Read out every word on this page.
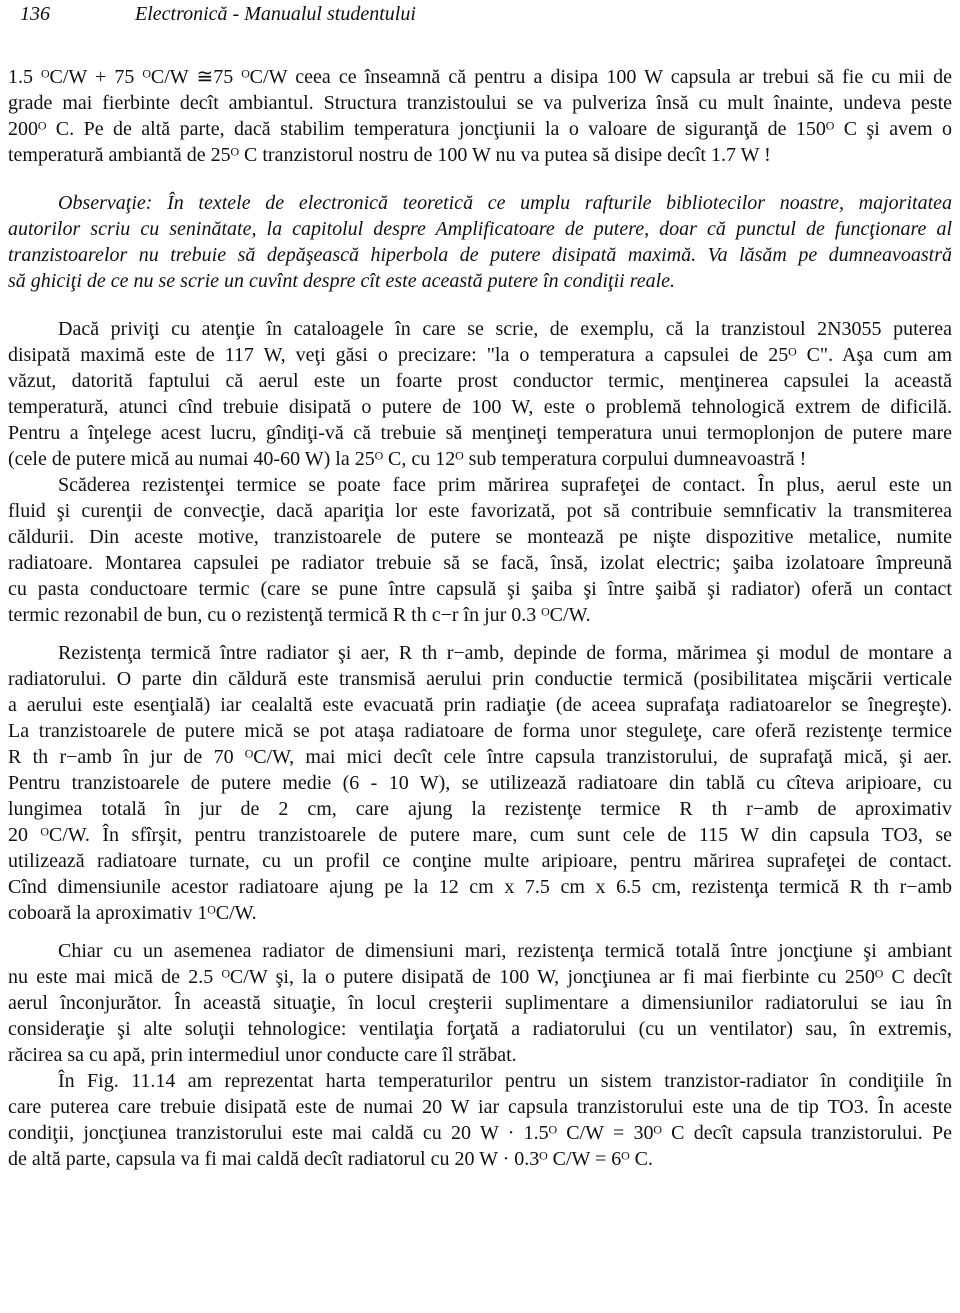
136	Electronică - Manualul studentului

1.5 ᴼC/W + 75 ᴼC/W ≅75 ᴼC/W ceea ce înseamnă că pentru a disipa 100 W capsula ar trebui să fie cu mii de
grade mai fierbinte decît ambiantul. Structura tranzistoului se va pulveriza însă cu mult înainte, undeva peste
200ᴼ C. Pe de altă parte, dacă stabilim temperatura joncţiunii la o valoare de siguranţă de 150ᴼ C şi avem o
temperatură ambiantă de 25ᴼ C tranzistorul nostru de 100 W nu va putea să disipe decît 1.7 W !

Observaţie: În textele de electronică teoretică ce umplu rafturile bibliotecilor noastre, majoritatea
autorilor scriu cu seninătate, la capitolul despre Amplificatoare de putere, doar că punctul de funcţionare al
tranzistoarelor nu trebuie să depăşească hiperbola de putere disipată maximă. Va lăsăm pe dumneavoastră
să ghiciţi de ce nu se scrie un cuvînt despre cît este această putere în condiţii reale.

Dacă priviţi cu atenţie în cataloagele în care se scrie, de exemplu, că la tranzistoul 2N3055 puterea
disipată maximă este de 117 W, veţi găsi o precizare: "la o temperatura a capsulei de 25ᴼ C". Aşa cum am
văzut, datorită faptului că aerul este un foarte prost conductor termic, menţinerea capsulei la această
temperatură, atunci cînd trebuie disipată o putere de 100 W, este o problemă tehnologică extrem de dificilă.
Pentru a înţelege acest lucru, gîndiţi-vă că trebuie să menţineţi temperatura unui termoplonjon de putere mare
(cele de putere mică au numai 40-60 W) la 25ᴼ C, cu 12ᴼ sub temperatura corpului dumneavoastră !

Scăderea rezistenţei termice se poate face prim mărirea suprafeţei de contact. În plus, aerul este un
fluid şi curenţii de convecţie, dacă apariţia lor este favorizată, pot să contribuie semnficativ la transmiterea
căldurii. Din aceste motive, tranzistoarele de putere se montează pe nişte dispozitive metalice, numite
radiatoare. Montarea capsulei pe radiator trebuie să se facă, însă, izolat electric; şaiba izolatoare împreună
cu pasta conductoare termic (care se pune între capsulă şi şaiba şi între şaibă şi radiator) oferă un contact
termic rezonabil de bun, cu o rezistenţă termică R th c−r în jur 0.3 ᴼC/W.

Rezistenţa termică între radiator şi aer, R th r−amb, depinde de forma, mărimea şi modul de montare a
radiatorului. O parte din căldură este transmisă aerului prin conductie termică (posibilitatea mişcării verticale
a aerului este esenţială) iar cealaltă este evacuată prin radiaţie (de aceea suprafaţa radiatoarelor se înegreşte).
La tranzistoarele de putere mică se pot ataşa radiatoare de forma unor steguleţe, care oferă rezistenţe termice
R th r−amb în jur de 70 ᴼC/W, mai mici decît cele între capsula tranzistorului, de suprafaţă mică, şi aer.
Pentru tranzistoarele de putere medie (6 - 10 W), se utilizează radiatoare din tablă cu cîteva aripioare, cu
lungimea totală în jur de 2 cm, care ajung la rezistenţe termice R th r−amb de aproximativ
20 ᴼC/W. În sfîrşit, pentru tranzistoarele de putere mare, cum sunt cele de 115 W din capsula TO3, se
utilizează radiatoare turnate, cu un profil ce conţine multe aripioare, pentru mărirea suprafeţei de contact.
Cînd dimensiunile acestor radiatoare ajung pe la 12 cm x 7.5 cm x 6.5 cm, rezistenţa termică R th r−amb
coboară la aproximativ 1ᴼC/W.

Chiar cu un asemenea radiator de dimensiuni mari, rezistenţa termică totală între joncţiune şi ambiant
nu este mai mică de 2.5 ᴼC/W şi, la o putere disipată de 100 W, joncţiunea ar fi mai fierbinte cu 250ᴼ C decît
aerul înconjurător. În această situaţie, în locul creşterii suplimentare a dimensiunilor radiatorului se iau în
consideraţie şi alte soluţii tehnologice: ventilaţia forţată a radiatorului (cu un ventilator) sau, în extremis,
răcirea sa cu apă, prin intermediul unor conducte care îl străbat.

În Fig. 11.14 am reprezentat harta temperaturilor pentru un sistem tranzistor-radiator în condiţiile în
care puterea care trebuie disipată este de numai 20 W iar capsula tranzistorului este una de tip TO3. În aceste
condiţii, joncţiunea tranzistorului este mai caldă cu 20 W · 1.5ᴼ C/W = 30ᴼ C decît capsula tranzistorului. Pe
de altă parte, capsula va fi mai caldă decît radiatorul cu 20 W · 0.3ᴼ C/W = 6ᴼ C.
